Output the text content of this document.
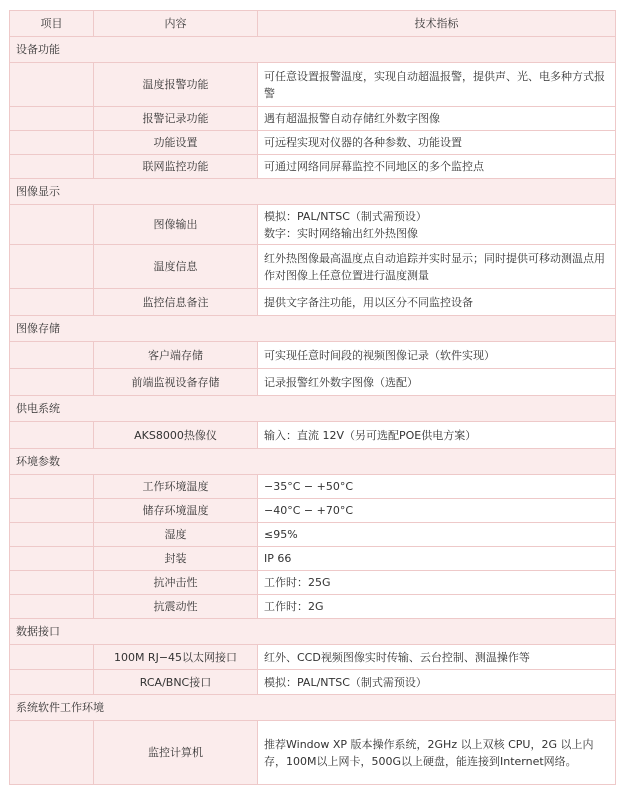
项目	内容	技术指标
设备功能		
	温度报警功能	可任意设置报警温度，实现自动超温报警，提供声、光、电多种方式报警

	报警记录功能	遇有超温报警自动存储红外数字图像

	功能设置	可远程实现对仪器的各种参数、功能设置

	联网监控功能	可通过网络同屏幕监控不同地区的多个监控点

图像显示		
	图像输出	模拟：PAL/NTSC（制式需预设）
数字：实时网络输出红外热图像

	温度信息	红外热图像最高温度点自动追踪并实时显示；同时提供可移动测温点用作对图像上任意位置进行温度测量

	监控信息备注	提供文字备注功能，用以区分不同监控设备

图像存储		
	客户端存储	可实现任意时间段的视频图像记录（软件实现）

	前端监视设备存储	记录报警红外数字图像（选配）

供电系统		
	AKS8000热像仪	输入：直流 12V（另可选配POE供电方案）

环境参数		
	工作环境温度	−35°C − +50°C

	储存环境温度	−40°C − +70°C

	湿度	≤95%

	封装	IP 66

	抗冲击性	工作时：25G

	抗震动性	工作时：2G

数据接口		
	100M RJ−45以太网接口	红外、CCD视频图像实时传输、云台控制、测温操作等

	RCA/BNC接口	模拟：PAL/NTSC（制式需预设）

系统软件工作环境		
	监控计算机	推荐Window XP 版本操作系统，2GHz 以上双核 CPU，2G 以上内存，100M以上网卡，500G以上硬盘，能连接到Internet网络。
